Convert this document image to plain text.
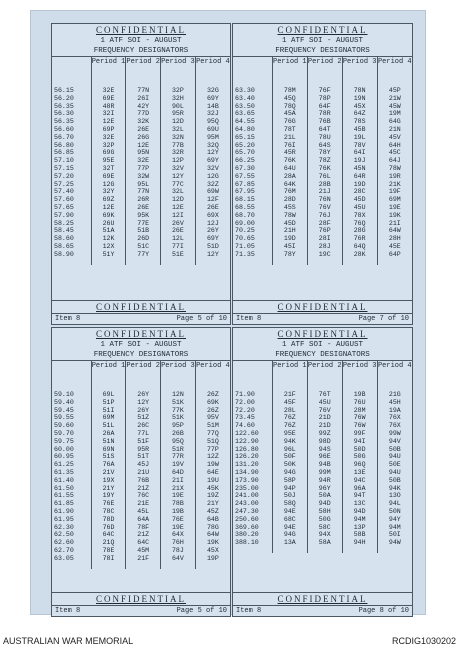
CONFIDENTIAL
1 ATF SOI - AUGUST
FREQUENCY DESIGNATORS
	Period 1	Period 2	Period 3	Period 4

56.15	32E	77N	32P	32G
56.20	69E	26I	32H	69Y
56.35	48R	42Y	90L	14B
56.30	32I	77D	95R	32J
56.35	12E	32K	12D	95Q
56.60	69P	26E	32L	69U
56.70	32E	26G	32N	95M
56.80	32P	12E	77B	32Q
56.85	69G	95N	32R	12Y
57.10	95E	32E	12P	69Y
57.15	32T	77P	32V	32V
57.20	69E	32W	12Y	12G
57.25	12G	95L	77C	32Z
57.40	32Y	77N	32L	69W
57.60	69Z	26R	12D	12F
57.65	12E	26E	12E	26E
57.90	69K	95K	12I	69X
58.25	26U	77E	26V	12J
58.45	51A	51B	26E	26Y
58.60	12K	26D	12L	69Y
58.65	12X	51C	77I	51D
58.90	51Y	77Y	51E	12Y

CONFIDENTIAL
Item 8	Page 5 of 10
CONFIDENTIAL
1 ATF SOI - AUGUST
FREQUENCY DESIGNATORS
	Period 1	Period 2	Period 3	Period 4

63.30	78M	76F	78N	45P
63.40	45Q	78P	19N	21W
63.50	78Q	64F	45X	45W
63.65	45A	78R	64Z	19M
64.55	76G	76B	78S	64G
64.80	78T	64T	45B	21N
65.15	21L	78U	19L	45V
65.20	76I	64S	78V	64H
65.70	45R	78Y	64I	45C
66.25	76K	78Z	19J	64J
67.30	64U	76K	45N	78W
67.55	28A	76L	64R	19R
67.85	64K	28B	19D	21K
67.95	76M	21J	28C	19F
68.15	28D	76N	45D	69M
68.55	45S	76V	45U	19E
68.70	78W	76J	78X	19K
69.00	45D	28F	76Q	21I
70.25	21H	76P	28G	64W
70.65	19D	28I	76R	28H
71.05	45I	28J	64Q	45E
71.35	78Y	19C	28K	64P

CONFIDENTIAL
Item 8	Page 7 of 10
CONFIDENTIAL
1 ATF SOI - AUGUST
FREQUENCY DESIGNATORS
	Period 1	Period 2	Period 3	Period 4

59.10	69L	26Y	12N	26Z
59.40	51P	12Y	51K	69K
59.45	51I	26Y	77K	26Z
59.55	69M	51Z	51K	95V
59.60	51L	26C	95P	51M
59.70	26A	77L	26B	77Q
59.75	51N	51F	95Q	51Q
60.00	69N	95R	51R	77P
60.95	51S	51T	77R	12Z
61.25	76A	45J	19V	19W
61.35	21V	21U	64D	64E
61.40	19X	76B	21I	19U
61.50	21Y	21Z	21X	45K
61.55	19Y	76C	19E	19Z
61.85	76E	21E	78B	21Y
61.90	78C	45L	19B	45Z
61.95	78D	64A	76E	64B
62.30	76D	78F	19E	78G
62.50	64C	21Z	64X	64W
62.60	21Q	64C	76H	19K
62.70	78E	45M	78J	45X
63.05	78I	21F	64V	19P

CONFIDENTIAL
Item 8	Page 5 of 10
CONFIDENTIAL
1 ATF SOI - AUGUST
FREQUENCY DESIGNATORS
	Period 1	Period 2	Period 3	Period 4

71.90	21F	76T	19B	21G
72.00	45F	45U	76U	45H
72.20	28L	76V	28M	19A
73.45	76Z	21D	76W	76X
74.60	76Z	21D	76W	76X
122.60	95E	99Z	99F	99W
122.90	94K	98D	94I	94V
126.80	96L	94S	50D	50B
126.20	50F	96E	50G	94U
131.20	50K	94B	96Q	50E
134.90	94G	99M	13E	94U
173.90	58P	94R	94C	50B
235.00	94P	96Y	96A	94K
241.00	50J	50A	94T	13O
243.00	58Q	94D	13C	94L
247.30	94E	58H	94D	50N
250.60	68C	50G	94M	94Y
369.60	94E	58C	13P	94M
380.20	94G	94X	58B	50I
388.10	13A	58A	94H	94W

CONFIDENTIAL
Item 8	Page 8 of 10
AUSTRALIAN WAR MEMORIAL	RCDIG1030202
